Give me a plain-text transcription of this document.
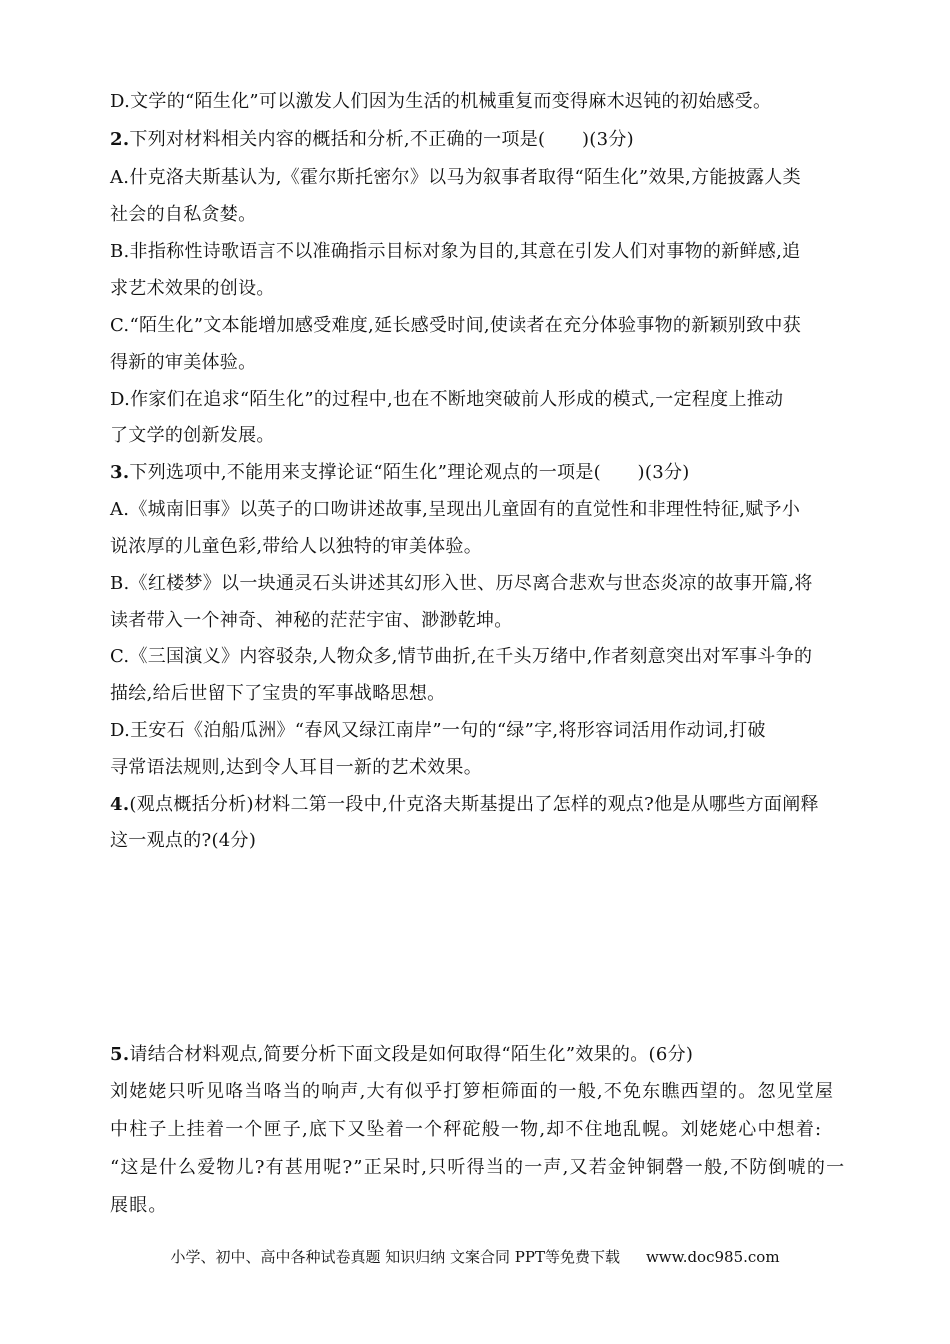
D.文学的“陌生化”可以激发人们因为生活的机械重复而变得麻木迟钝的初始感受。
2.下列对材料相关内容的概括和分析,不正确的一项是(　　)(3分)
A.什克洛夫斯基认为,《霍尔斯托密尔》以马为叙事者取得“陌生化”效果,方能披露人类
社会的自私贪婪。
B.非指称性诗歌语言不以准确指示目标对象为目的,其意在引发人们对事物的新鲜感,追
求艺术效果的创设。
C.“陌生化”文本能增加感受难度,延长感受时间,使读者在充分体验事物的新颖别致中获
得新的审美体验。
D.作家们在追求“陌生化”的过程中,也在不断地突破前人形成的模式,一定程度上推动
了文学的创新发展。
3.下列选项中,不能用来支撑论证“陌生化”理论观点的一项是(　　)(3分)
A.《城南旧事》以英子的口吻讲述故事,呈现出儿童固有的直觉性和非理性特征,赋予小
说浓厚的儿童色彩,带给人以独特的审美体验。
B.《红楼梦》以一块通灵石头讲述其幻形入世、历尽离合悲欢与世态炎凉的故事开篇,将
读者带入一个神奇、神秘的茫茫宇宙、渺渺乾坤。
C.《三国演义》内容驳杂,人物众多,情节曲折,在千头万绪中,作者刻意突出对军事斗争的
描绘,给后世留下了宝贵的军事战略思想。
D.王安石《泊船瓜洲》“春风又绿江南岸”一句的“绿”字,将形容词活用作动词,打破
寻常语法规则,达到令人耳目一新的艺术效果。
4.(观点概括分析)材料二第一段中,什克洛夫斯基提出了怎样的观点?他是从哪些方面阐释
这一观点的?(4分)
5.请结合材料观点,简要分析下面文段是如何取得“陌生化”效果的。(6分)
刘姥姥只听见咯当咯当的响声,大有似乎打箩柜筛面的一般,不免东瞧西望的。忽见堂屋
中柱子上挂着一个匣子,底下又坠着一个秤砣般一物,却不住地乱幌。刘姥姥心中想着:
“这是什么爱物儿?有甚用呢?”正呆时,只听得当的一声,又若金钟铜磬一般,不防倒唬的一
展眼。
小学、初中、高中各种试卷真题 知识归纳 文案合同 PPT等免费下载 www.doc985.com
